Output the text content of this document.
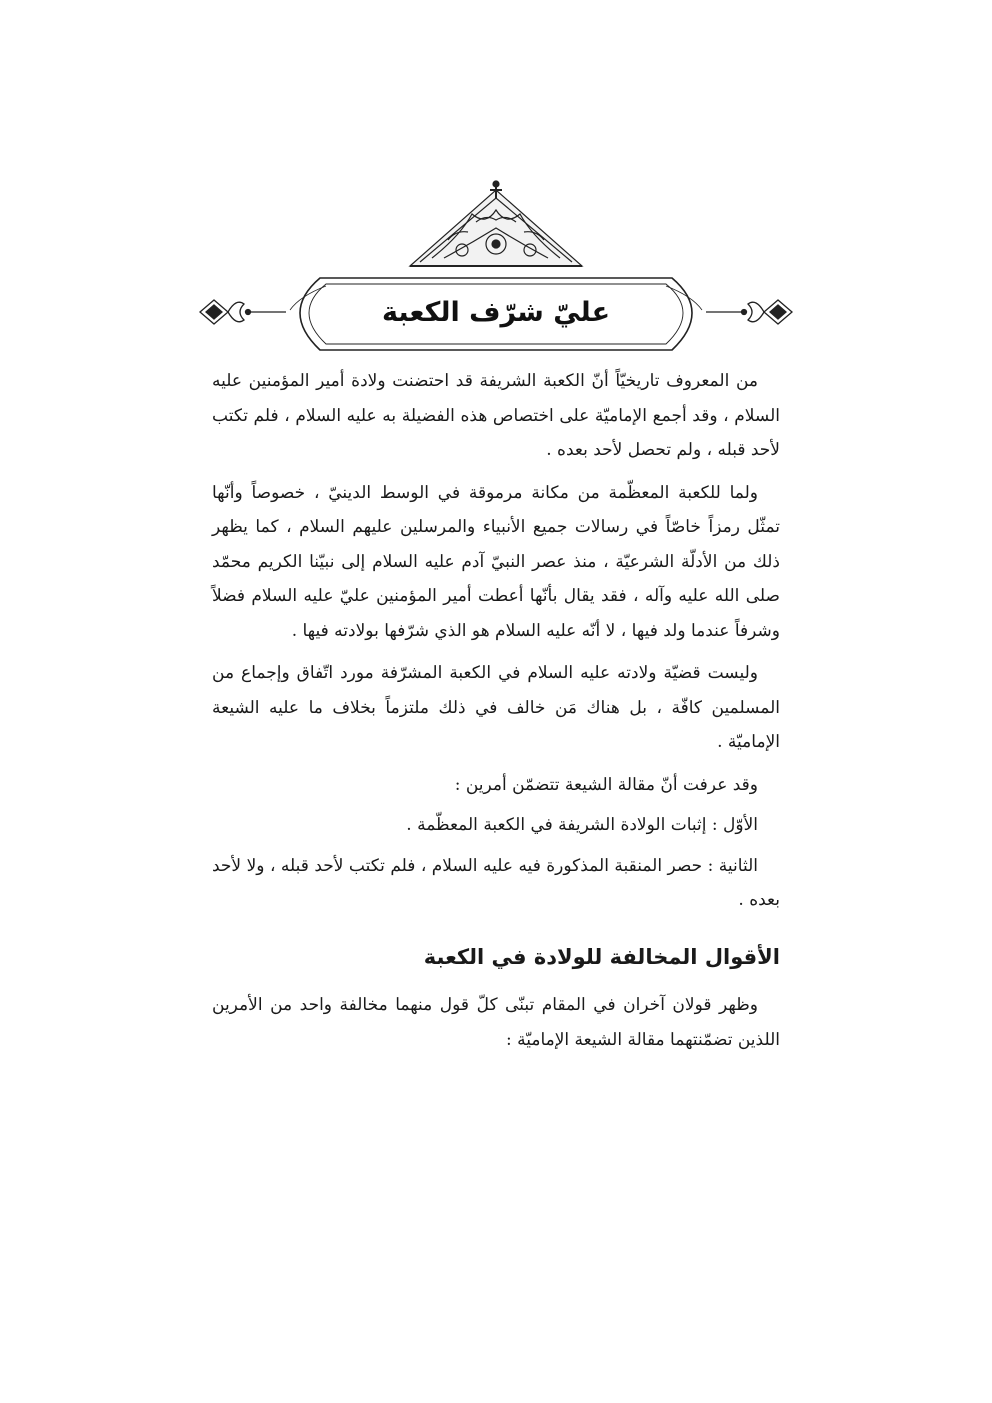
عليّ شرّف الكعبة

من المعروف تاريخيّاً أنّ الكعبة الشريفة قد احتضنت ولادة أمير المؤمنين عليه السلام ، وقد أجمع الإماميّة على اختصاص هذه الفضيلة به عليه السلام ، فلم تكتب لأحد قبله ، ولم تحصل لأحد بعده .

ولما للكعبة المعظّمة من مكانة مرموقة في الوسط الدينيّ ، خصوصاً وأنّها تمثّل رمزاً خاصّاً في رسالات جميع الأنبياء والمرسلين عليهم السلام ، كما يظهر ذلك من الأدلّة الشرعيّة ، منذ عصر النبيّ آدم عليه السلام إلى نبيّنا الكريم محمّد صلى الله عليه وآله ، فقد يقال بأنّها أعطت أمير المؤمنين عليّ عليه السلام فضلاً وشرفاً عندما ولد فيها ، لا أنّه عليه السلام هو الذي شرّفها بولادته فيها .

وليست قضيّة ولادته عليه السلام في الكعبة المشرّفة مورد اتّفاق وإجماع من المسلمين كافّة ، بل هناك مَن خالف في ذلك ملتزماً بخلاف ما عليه الشيعة الإماميّة .

وقد عرفت أنّ مقالة الشيعة تتضمّن أمرين :

الأوّل : إثبات الولادة الشريفة في الكعبة المعظّمة .

الثانية : حصر المنقبة المذكورة فيه عليه السلام ، فلم تكتب لأحد قبله ، ولا لأحد بعده .

الأقوال المخالفة للولادة في الكعبة

وظهر قولان آخران في المقام تبنّى كلّ قول منهما مخالفة واحد من الأمرين اللذين تضمّنتهما مقالة الشيعة الإماميّة :
